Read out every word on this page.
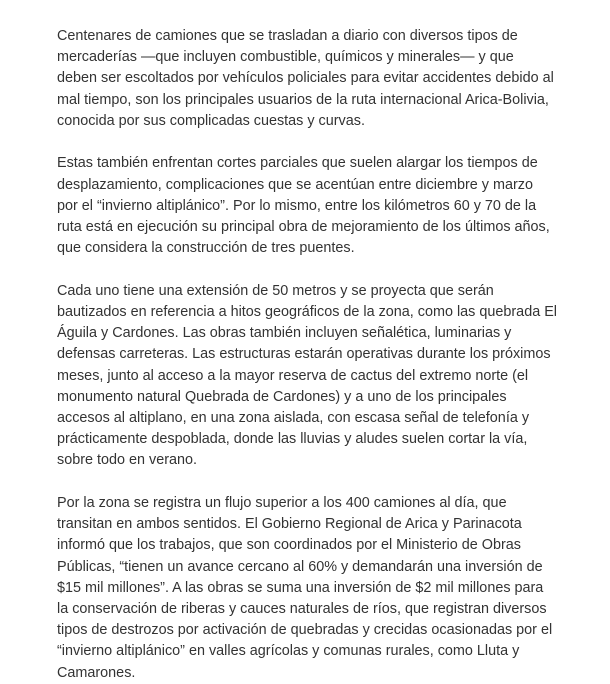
Centenares de camiones que se trasladan a diario con diversos tipos de mercaderías —que incluyen combustible, químicos y minerales— y que deben ser escoltados por vehículos policiales para evitar accidentes debido al mal tiempo, son los principales usuarios de la ruta internacional Arica-Bolivia, conocida por sus complicadas cuestas y curvas.

Estas también enfrentan cortes parciales que suelen alargar los tiempos de desplazamiento, complicaciones que se acentúan entre diciembre y marzo por el “invierno altiplánico”. Por lo mismo, entre los kilómetros 60 y 70 de la ruta está en ejecución su principal obra de mejoramiento de los últimos años, que considera la construcción de tres puentes.

Cada uno tiene una extensión de 50 metros y se proyecta que serán bautizados en referencia a hitos geográficos de la zona, como las quebrada El Águila y Cardones. Las obras también incluyen señalética, luminarias y defensas carreteras. Las estructuras estarán operativas durante los próximos meses, junto al acceso a la mayor reserva de cactus del extremo norte (el monumento natural Quebrada de Cardones) y a uno de los principales accesos al altiplano, en una zona aislada, con escasa señal de telefonía y prácticamente despoblada, donde las lluvias y aludes suelen cortar la vía, sobre todo en verano.

Por la zona se registra un flujo superior a los 400 camiones al día, que transitan en ambos sentidos. El Gobierno Regional de Arica y Parinacota informó que los trabajos, que son coordinados por el Ministerio de Obras Públicas, “tienen un avance cercano al 60% y demandarán una inversión de $15 mil millones”. A las obras se suma una inversión de $2 mil millones para la conservación de riberas y cauces naturales de ríos, que registran diversos tipos de destrozos por activación de quebradas y crecidas ocasionadas por el “invierno altiplánico” en valles agrícolas y comunas rurales, como Lluta y Camarones.
